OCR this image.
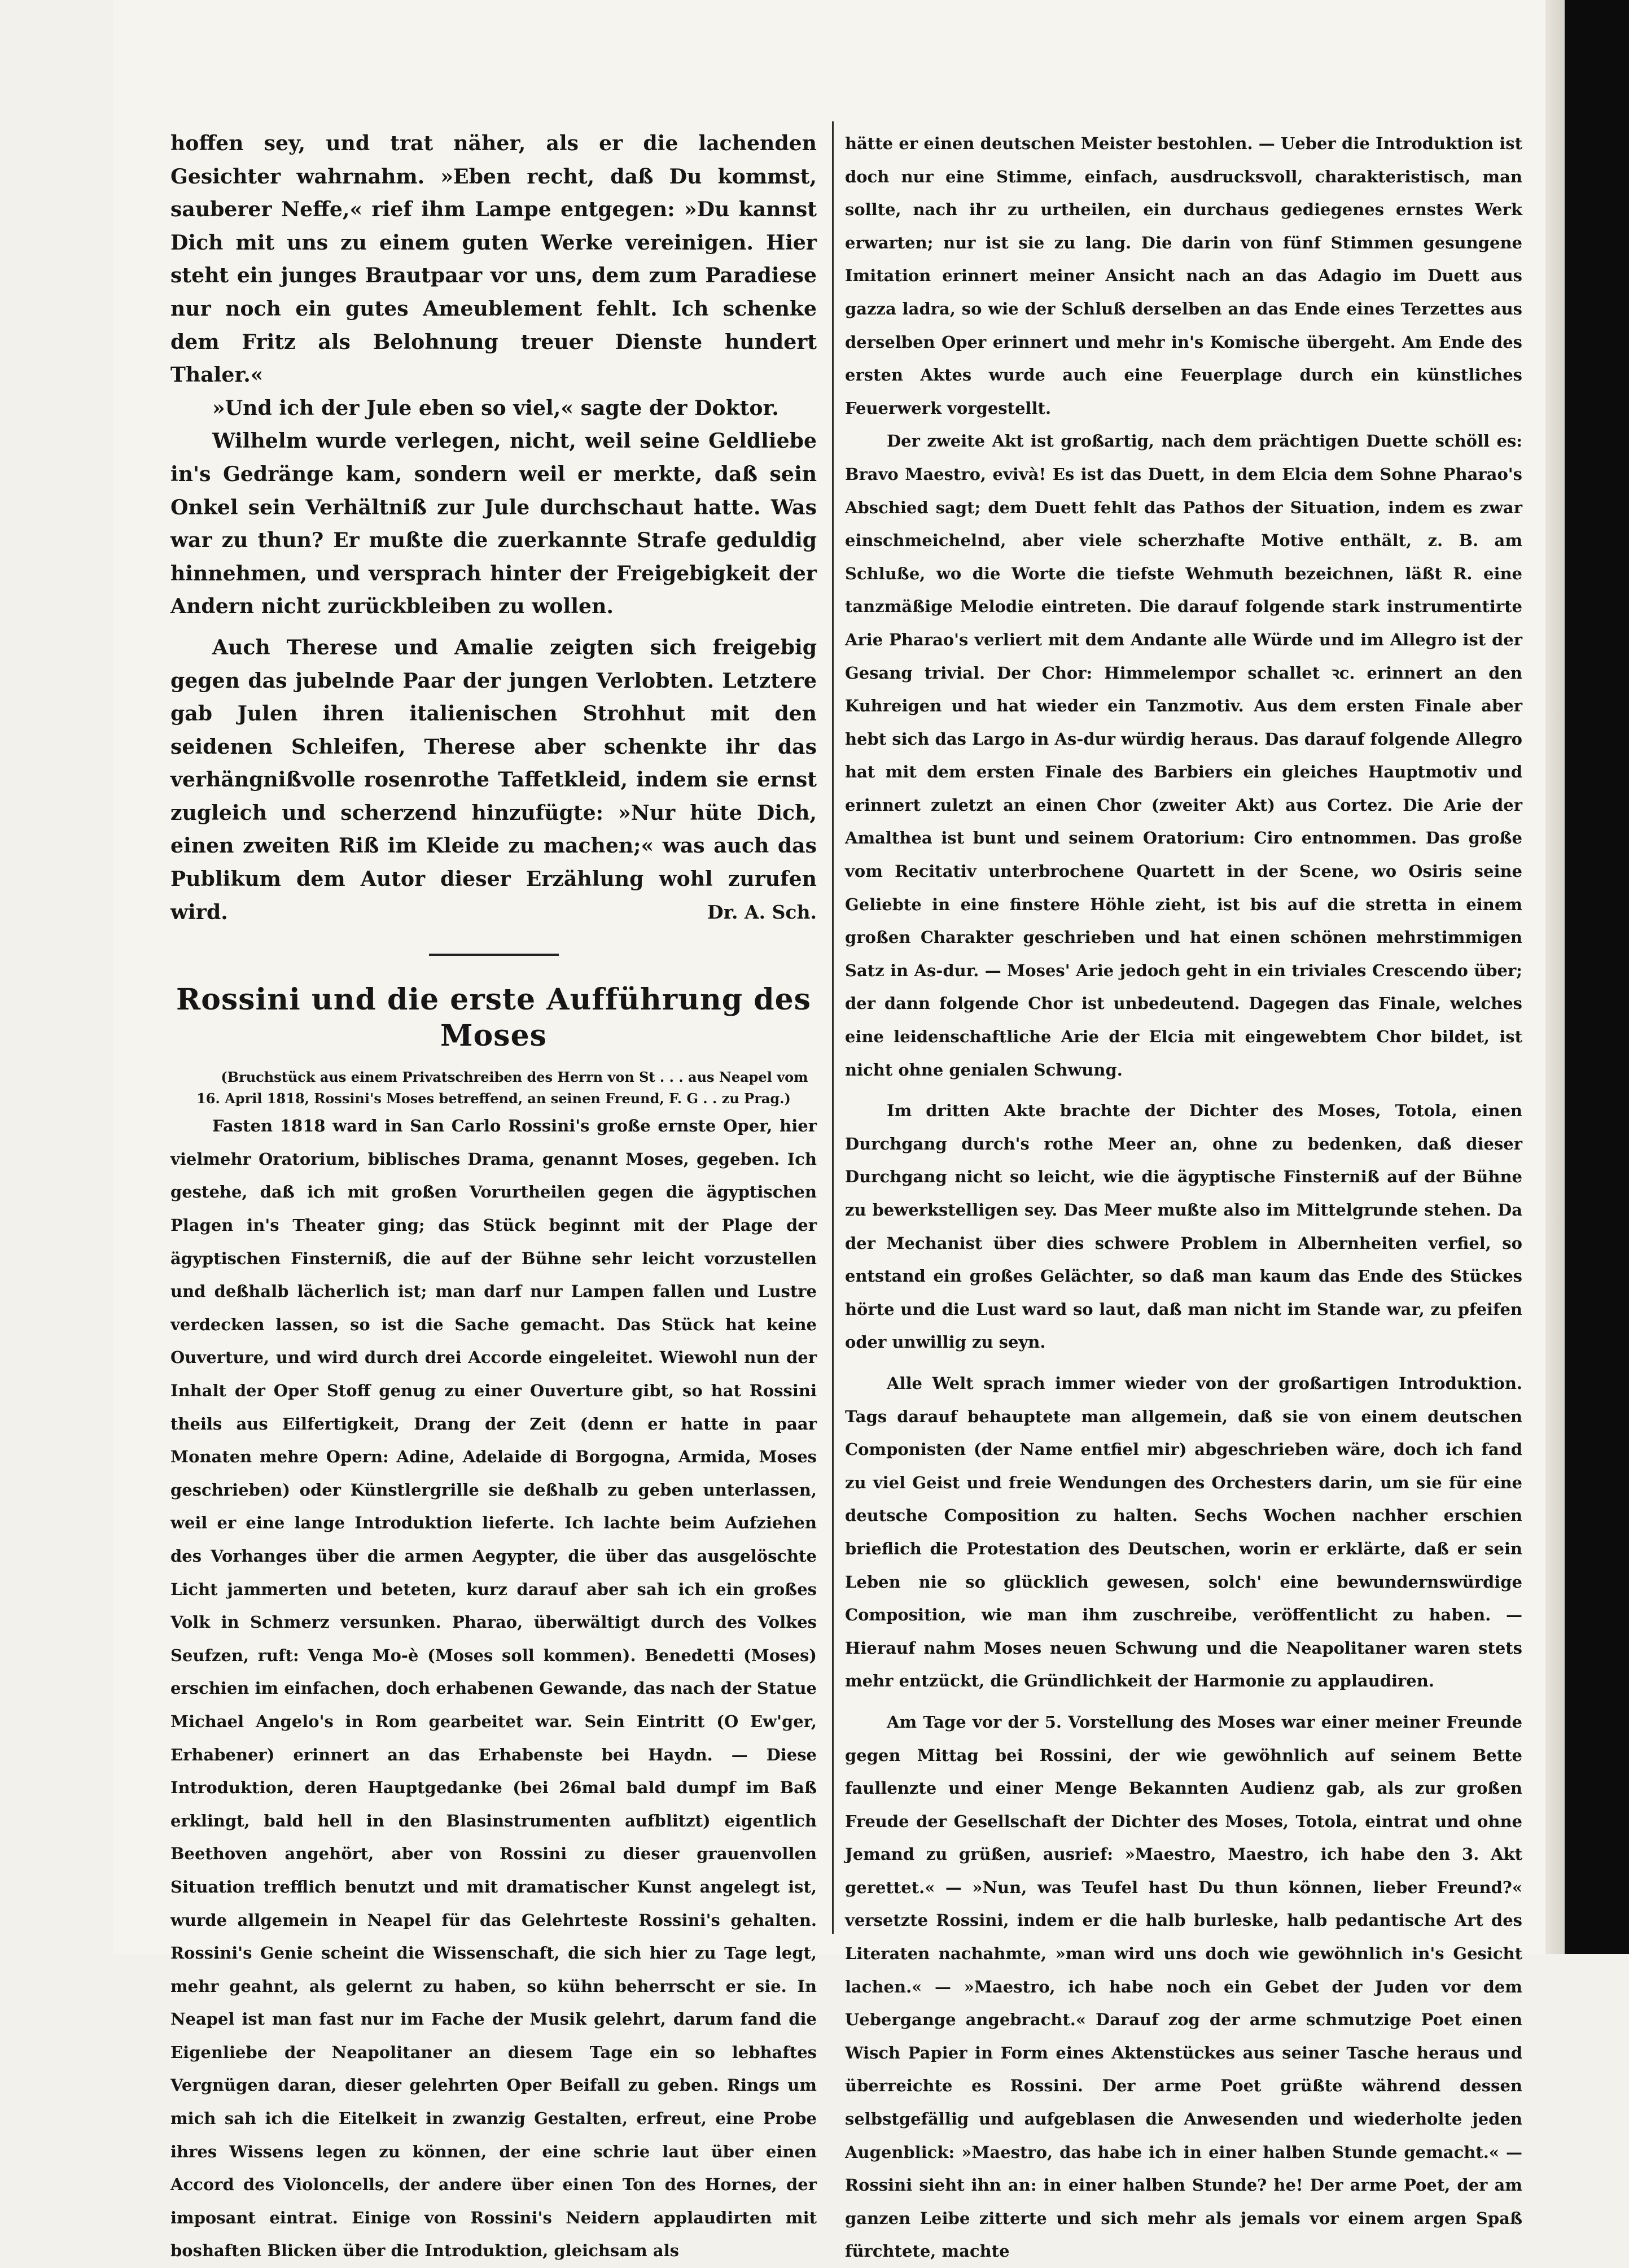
hoffen sey, und trat näher, als er die lachenden Gesichter wahrnahm. »Eben recht, daß Du kommst, sauberer Neffe,« rief ihm Lampe entgegen: »Du kannst Dich mit uns zu einem guten Werke vereinigen. Hier steht ein junges Brautpaar vor uns, dem zum Paradiese nur noch ein gutes Ameublement fehlt. Ich schenke dem Fritz als Belohnung treuer Dienste hundert Thaler.«

»Und ich der Jule eben so viel,« sagte der Doktor.

Wilhelm wurde verlegen, nicht, weil seine Geldliebe in's Gedränge kam, sondern weil er merkte, daß sein Onkel sein Verhältniß zur Jule durchschaut hatte. Was war zu thun? Er mußte die zuerkannte Strafe geduldig hinnehmen, und versprach hinter der Freigebigkeit der Andern nicht zurückbleiben zu wollen.

Auch Therese und Amalie zeigten sich freigebig gegen das jubelnde Paar der jungen Verlobten. Letztere gab Julen ihren italienischen Strohhut mit den seidenen Schleifen, Therese aber schenkte ihr das verhängnißvolle rosenrothe Taffetkleid, indem sie ernst zugleich und scherzend hinzufügte: »Nur hüte Dich, einen zweiten Riß im Kleide zu machen;« was auch das Publikum dem Autor dieser Erzählung wohl zurufen wird.	Dr. A. Sch.

Rossini und die erste Aufführung des Moses

(Bruchstück aus einem Privatschreiben des Herrn von St . . . aus Neapel vom 16. April 1818, Rossini's Moses betreffend, an seinen Freund, F. G . . zu Prag.)

Fasten 1818 ward in San Carlo Rossini's große ernste Oper, hier vielmehr Oratorium, biblisches Drama, genannt Moses, gegeben. Ich gestehe, daß ich mit großen Vorurtheilen gegen die ägyptischen Plagen in's Theater ging; das Stück beginnt mit der Plage der ägyptischen Finsterniß, die auf der Bühne sehr leicht vorzustellen und deßhalb lächerlich ist; man darf nur Lampen fallen und Lustre verdecken lassen, so ist die Sache gemacht. Das Stück hat keine Ouverture, und wird durch drei Accorde eingeleitet. Wiewohl nun der Inhalt der Oper Stoff genug zu einer Ouverture gibt, so hat Rossini theils aus Eilfertigkeit, Drang der Zeit (denn er hatte in paar Monaten mehre Opern: Adine, Adelaide di Borgogna, Armida, Moses geschrieben) oder Künstlergrille sie deßhalb zu geben unterlassen, weil er eine lange Introduktion lieferte. Ich lachte beim Aufziehen des Vorhanges über die armen Aegypter, die über das ausgelöschte Licht jammerten und beteten, kurz darauf aber sah ich ein großes Volk in Schmerz versunken. Pharao, überwältigt durch des Volkes Seufzen, ruft: Venga Mo-è (Moses soll kommen). Benedetti (Moses) erschien im einfachen, doch erhabenen Gewande, das nach der Statue Michael Angelo's in Rom gearbeitet war. Sein Eintritt (O Ew'ger, Erhabener) erinnert an das Erhabenste bei Haydn. — Diese Introduktion, deren Hauptgedanke (bei 26mal bald dumpf im Baß erklingt, bald hell in den Blasinstrumenten aufblitzt) eigentlich Beethoven angehört, aber von Rossini zu dieser grauenvollen Situation trefflich benutzt und mit dramatischer Kunst angelegt ist, wurde allgemein in Neapel für das Gelehrteste Rossini's gehalten. Rossini's Genie scheint die Wissenschaft, die sich hier zu Tage legt, mehr geahnt, als gelernt zu haben, so kühn beherrscht er sie. In Neapel ist man fast nur im Fache der Musik gelehrt, darum fand die Eigenliebe der Neapolitaner an diesem Tage ein so lebhaftes Vergnügen daran, dieser gelehrten Oper Beifall zu geben. Rings um mich sah ich die Eitelkeit in zwanzig Gestalten, erfreut, eine Probe ihres Wissens legen zu können, der eine schrie laut über einen Accord des Violoncells, der andere über einen Ton des Hornes, der imposant eintrat. Einige von Rossini's Neidern applaudirten mit boshaften Blicken über die Introduktion, gleichsam als

hätte er einen deutschen Meister bestohlen. — Ueber die Introduktion ist doch nur eine Stimme, einfach, ausdrucksvoll, charakteristisch, man sollte, nach ihr zu urtheilen, ein durchaus gediegenes ernstes Werk erwarten; nur ist sie zu lang. Die darin von fünf Stimmen gesungene Imitation erinnert meiner Ansicht nach an das Adagio im Duett aus gazza ladra, so wie der Schluß derselben an das Ende eines Terzettes aus derselben Oper erinnert und mehr in's Komische übergeht. Am Ende des ersten Aktes wurde auch eine Feuerplage durch ein künstliches Feuerwerk vorgestellt.

Der zweite Akt ist großartig, nach dem prächtigen Duette schöll es: Bravo Maestro, evivà! Es ist das Duett, in dem Elcia dem Sohne Pharao's Abschied sagt; dem Duett fehlt das Pathos der Situation, indem es zwar einschmeichelnd, aber viele scherzhafte Motive enthält, z. B. am Schluße, wo die Worte die tiefste Wehmuth bezeichnen, läßt R. eine tanzmäßige Melodie eintreten. Die darauf folgende stark instrumentirte Arie Pharao's verliert mit dem Andante alle Würde und im Allegro ist der Gesang trivial. Der Chor: Himmelempor schallet ꝛc. erinnert an den Kuhreigen und hat wieder ein Tanzmotiv. Aus dem ersten Finale aber hebt sich das Largo in As-dur würdig heraus. Das darauf folgende Allegro hat mit dem ersten Finale des Barbiers ein gleiches Hauptmotiv und erinnert zuletzt an einen Chor (zweiter Akt) aus Cortez. Die Arie der Amalthea ist bunt und seinem Oratorium: Ciro entnommen. Das große vom Recitativ unterbrochene Quartett in der Scene, wo Osiris seine Geliebte in eine finstere Höhle zieht, ist bis auf die stretta in einem großen Charakter geschrieben und hat einen schönen mehrstimmigen Satz in As-dur. — Moses' Arie jedoch geht in ein triviales Crescendo über; der dann folgende Chor ist unbedeutend. Dagegen das Finale, welches eine leidenschaftliche Arie der Elcia mit eingewebtem Chor bildet, ist nicht ohne genialen Schwung.

Im dritten Akte brachte der Dichter des Moses, Totola, einen Durchgang durch's rothe Meer an, ohne zu bedenken, daß dieser Durchgang nicht so leicht, wie die ägyptische Finsterniß auf der Bühne zu bewerkstelligen sey. Das Meer mußte also im Mittelgrunde stehen. Da der Mechanist über dies schwere Problem in Albernheiten verfiel, so entstand ein großes Gelächter, so daß man kaum das Ende des Stückes hörte und die Lust ward so laut, daß man nicht im Stande war, zu pfeifen oder unwillig zu seyn.

Alle Welt sprach immer wieder von der großartigen Introduktion. Tags darauf behauptete man allgemein, daß sie von einem deutschen Componisten (der Name entfiel mir) abgeschrieben wäre, doch ich fand zu viel Geist und freie Wendungen des Orchesters darin, um sie für eine deutsche Composition zu halten. Sechs Wochen nachher erschien brieflich die Protestation des Deutschen, worin er erklärte, daß er sein Leben nie so glücklich gewesen, solch' eine bewundernswürdige Composition, wie man ihm zuschreibe, veröffentlicht zu haben. — Hierauf nahm Moses neuen Schwung und die Neapolitaner waren stets mehr entzückt, die Gründlichkeit der Harmonie zu applaudiren.

Am Tage vor der 5. Vorstellung des Moses war einer meiner Freunde gegen Mittag bei Rossini, der wie gewöhnlich auf seinem Bette faullenzte und einer Menge Bekannten Audienz gab, als zur großen Freude der Gesellschaft der Dichter des Moses, Totola, eintrat und ohne Jemand zu grüßen, ausrief: »Maestro, Maestro, ich habe den 3. Akt gerettet.« — »Nun, was Teufel hast Du thun können, lieber Freund?« versetzte Rossini, indem er die halb burleske, halb pedantische Art des Literaten nachahmte, »man wird uns doch wie gewöhnlich in's Gesicht lachen.« — »Maestro, ich habe noch ein Gebet der Juden vor dem Uebergange angebracht.« Darauf zog der arme schmutzige Poet einen Wisch Papier in Form eines Aktenstückes aus seiner Tasche heraus und überreichte es Rossini. Der arme Poet grüßte während dessen selbstgefällig und aufgeblasen die Anwesenden und wiederholte jeden Augenblick: »Maestro, das habe ich in einer halben Stunde gemacht.« — Rossini sieht ihn an: in einer halben Stunde? he! Der arme Poet, der am ganzen Leibe zitterte und sich mehr als jemals vor einem argen Spaß fürchtete, machte
